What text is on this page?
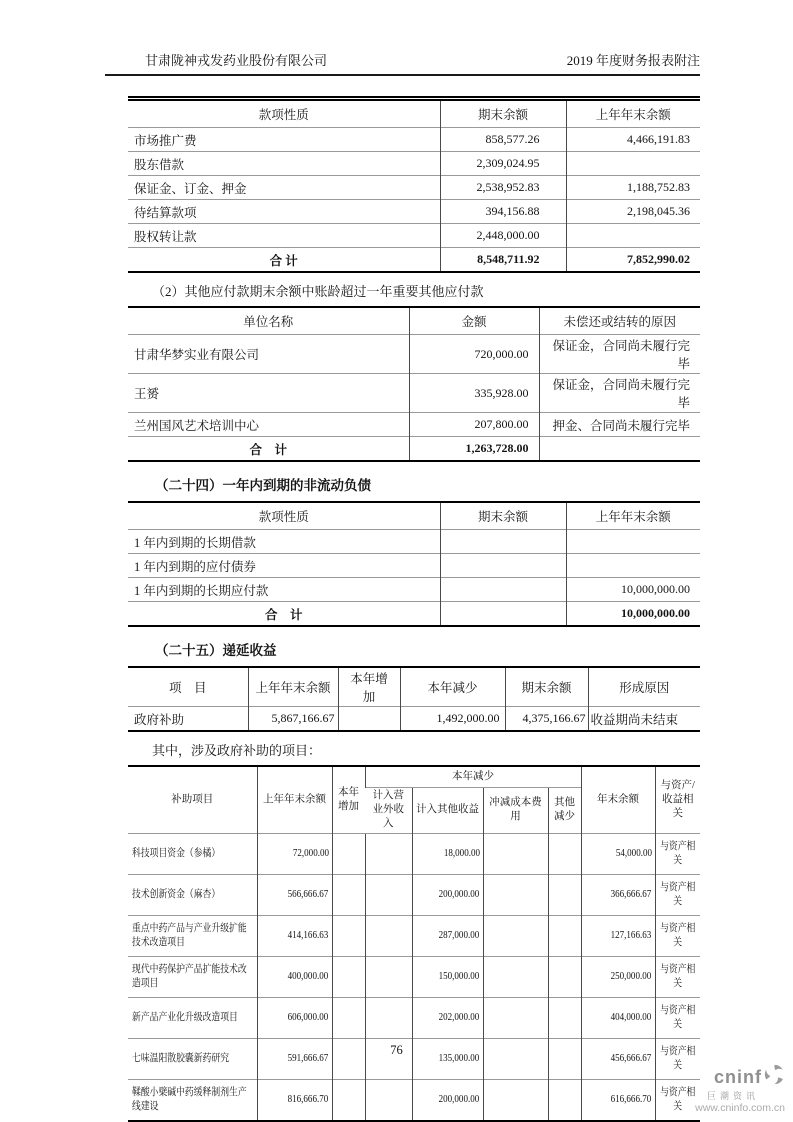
甘肃陇神戎发药业股份有限公司	2019 年度财务报表附注
款项性质	期末余额	上年年末余额
市场推广费	858,577.26	4,466,191.83
股东借款	2,309,024.95	
保证金、订金、押金	2,538,952.83	1,188,752.83
待结算款项	394,156.88	2,198,045.36
股权转让款	2,448,000.00	
合 计	8,548,711.92	7,852,990.02
（2）其他应付款期末余额中账龄超过一年重要其他应付款
单位名称	金额	未偿还或结转的原因
甘肃华梦实业有限公司	720,000.00	保证金，合同尚未履行完毕
王赟	335,928.00	保证金，合同尚未履行完毕
兰州国风艺术培训中心	207,800.00	押金、合同尚未履行完毕
合　计	1,263,728.00	
（二十四）一年内到期的非流动负债
款项性质	期末余额	上年年末余额
1 年内到期的长期借款		
1 年内到期的应付债券		
1 年内到期的长期应付款		10,000,000.00
合　计		10,000,000.00
（二十五）递延收益
项　目	上年年末余额	本年增加	本年减少	期末余额	形成原因
政府补助	5,867,166.67		1,492,000.00	4,375,166.67	收益期尚未结束
其中，涉及政府补助的项目：
补助项目	上年年末余额	本年增加	本年减少				年末余额	与资产/收益相关
			计入营业外收入	计入其他收益	冲减成本费用	其他减少		
科技项目资金（参橘）	72,000.00			18,000.00			54,000.00	与资产相关
技术创新资金（麻杏）	566,666.67			200,000.00			366,666.67	与资产相关
重点中药产品与产业升级扩能技术改造项目	414,166.63			287,000.00			127,166.63	与资产相关
现代中药保护产品扩能技术改造项目	400,000.00			150,000.00			250,000.00	与资产相关
新产品产业化升级改造项目	606,000.00			202,000.00			404,000.00	与资产相关
七味温阳散胶囊新药研究	591,666.67			135,000.00			456,666.67	与资产相关
鞣酸小檗碱中药缓释制剂生产线建设	816,666.70			200,000.00			616,666.70	与资产相关
76
cninf
巨潮资讯
www.cninfo.com.cn
